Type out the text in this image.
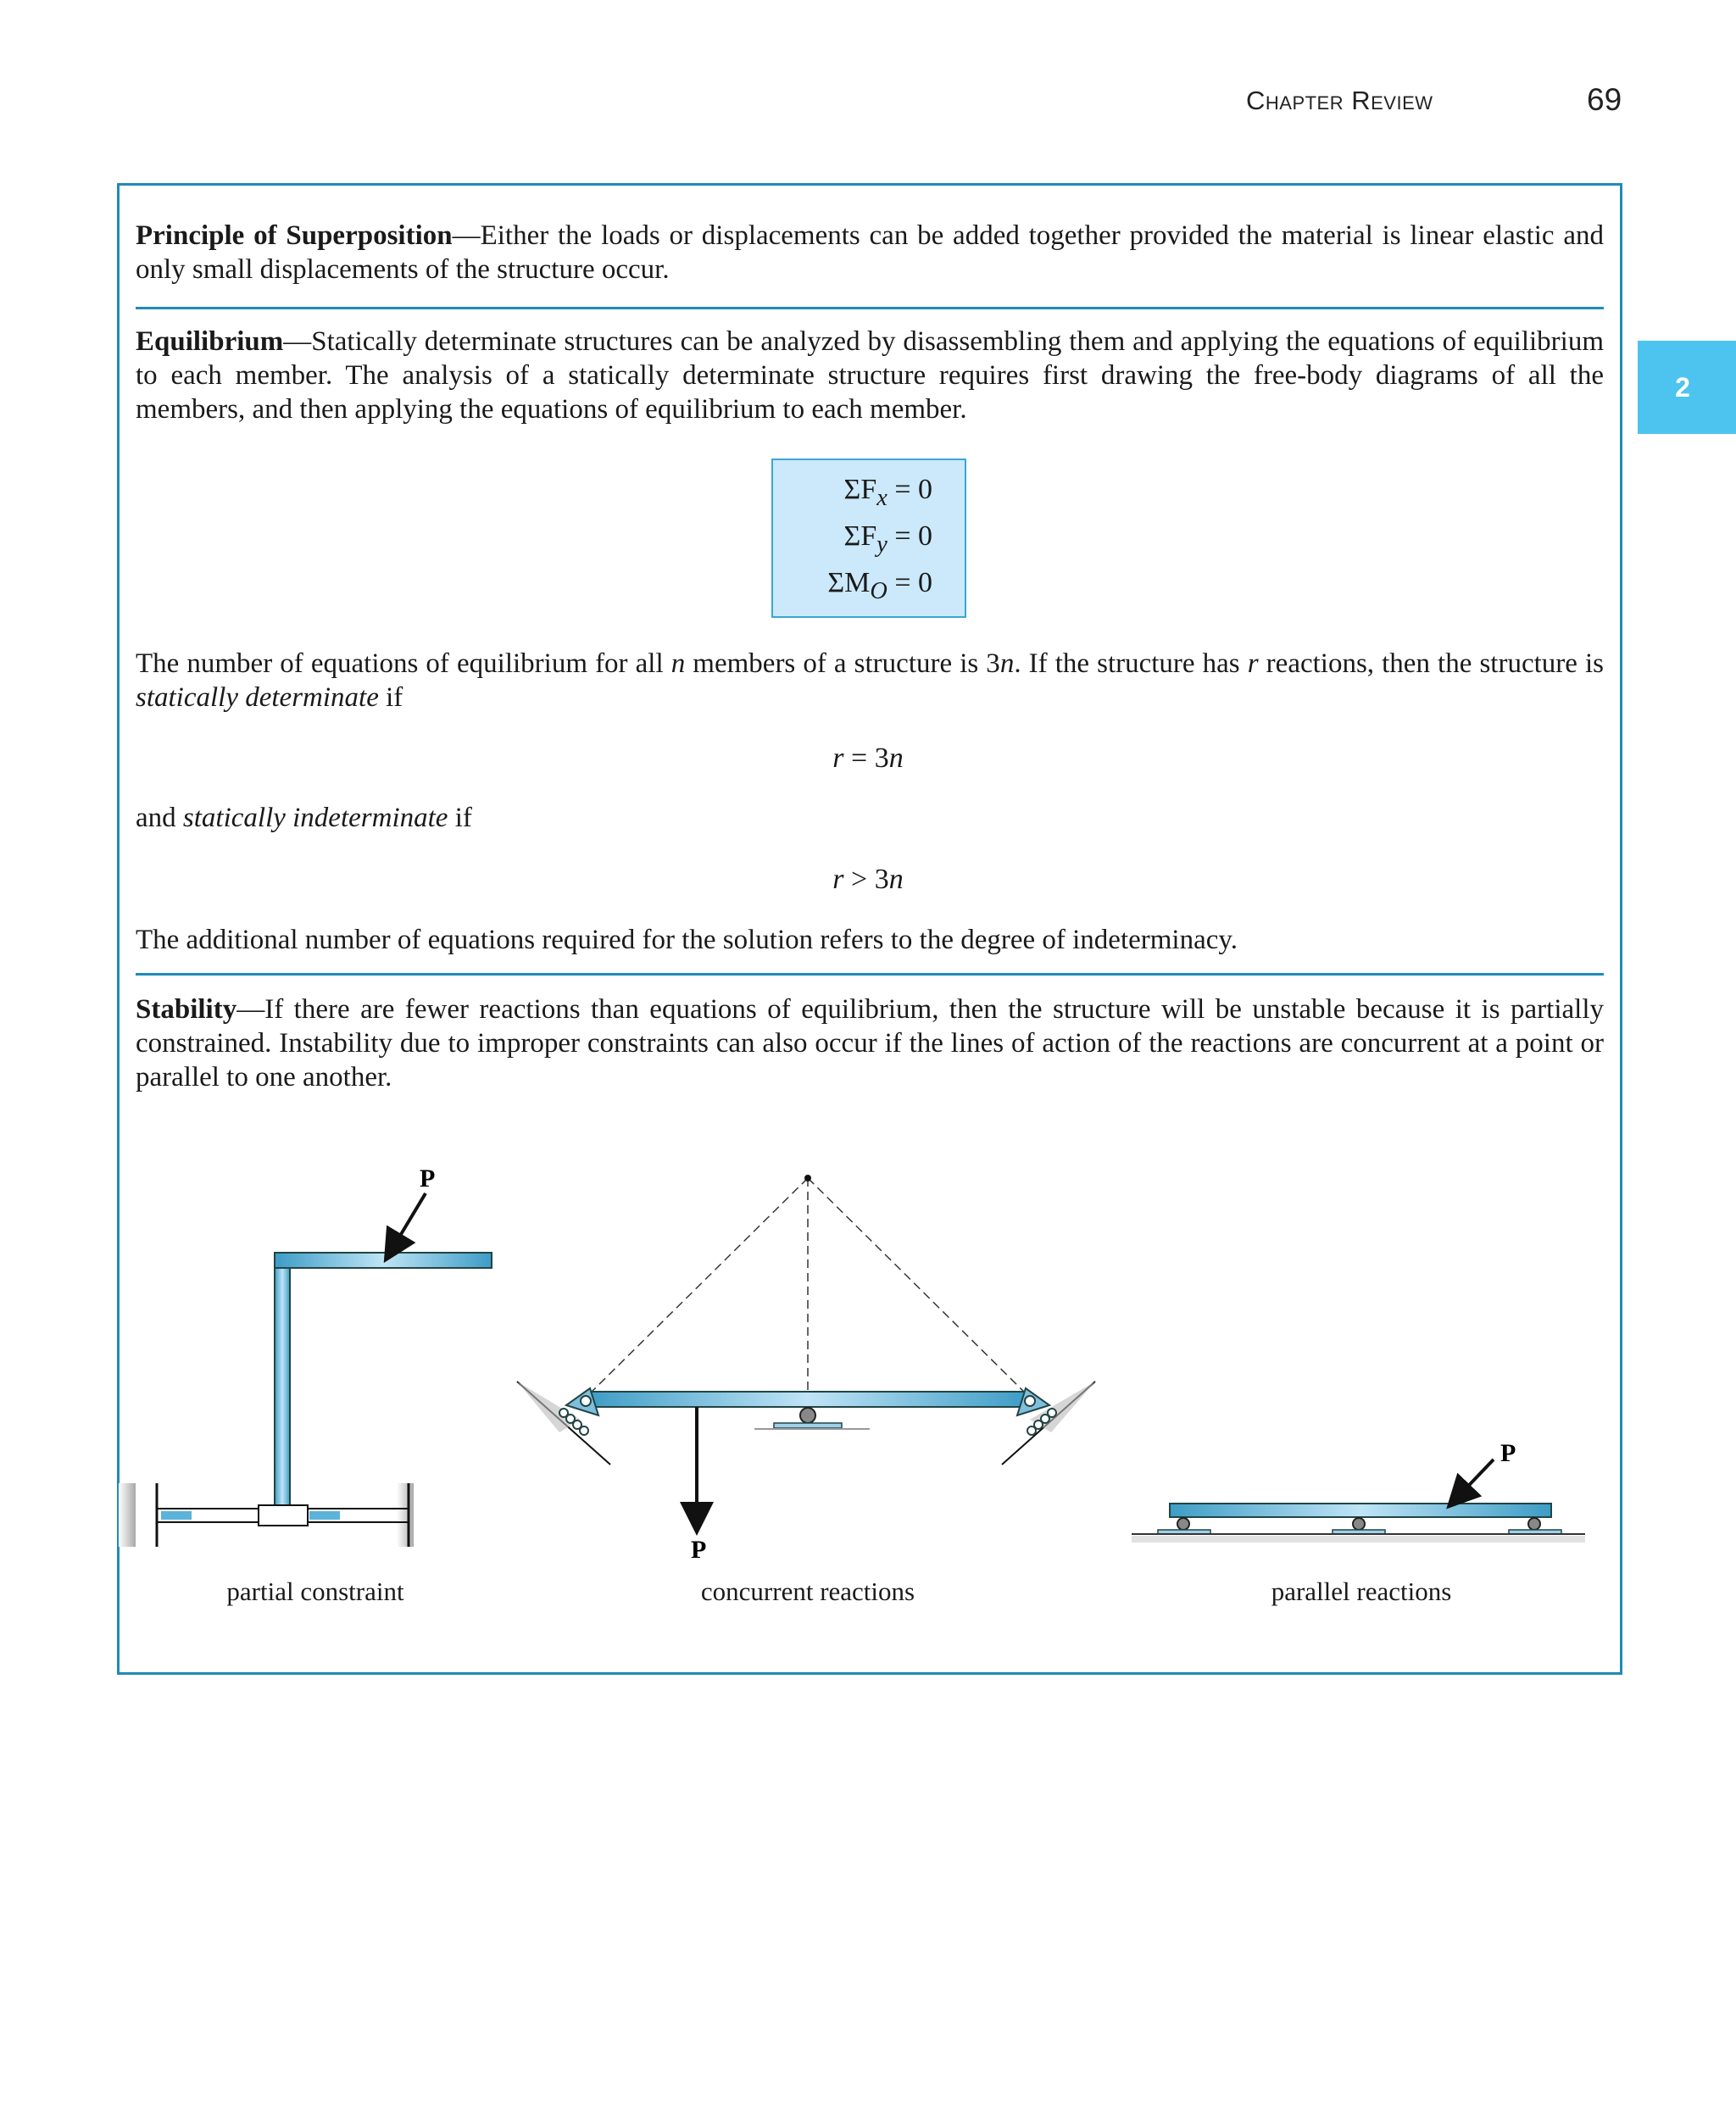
Chapter Review	69
2
Principle of Superposition—Either the loads or displacements can be added together provided the material is linear elastic and only small displacements of the structure occur.
Equilibrium—Statically determinate structures can be analyzed by disassembling them and applying the equations of equilibrium to each member. The analysis of a statically determinate structure requires first drawing the free-body diagrams of all the members, and then applying the equations of equilibrium to each member.
$\Sigma F_x = 0$
$\Sigma F_y = 0$
$\Sigma M_O = 0$
The number of equations of equilibrium for all n members of a structure is 3n. If the structure has r reactions, then the structure is statically determinate if
r = 3n
and statically indeterminate if
r > 3n
The additional number of equations required for the solution refers to the degree of indeterminacy.
Stability—If there are fewer reactions than equations of equilibrium, then the structure will be unstable because it is partially constrained. Instability due to improper constraints can also occur if the lines of action of the reactions are concurrent at a point or parallel to one another.
P
P
P
partial constraint	concurrent reactions	parallel reactions
